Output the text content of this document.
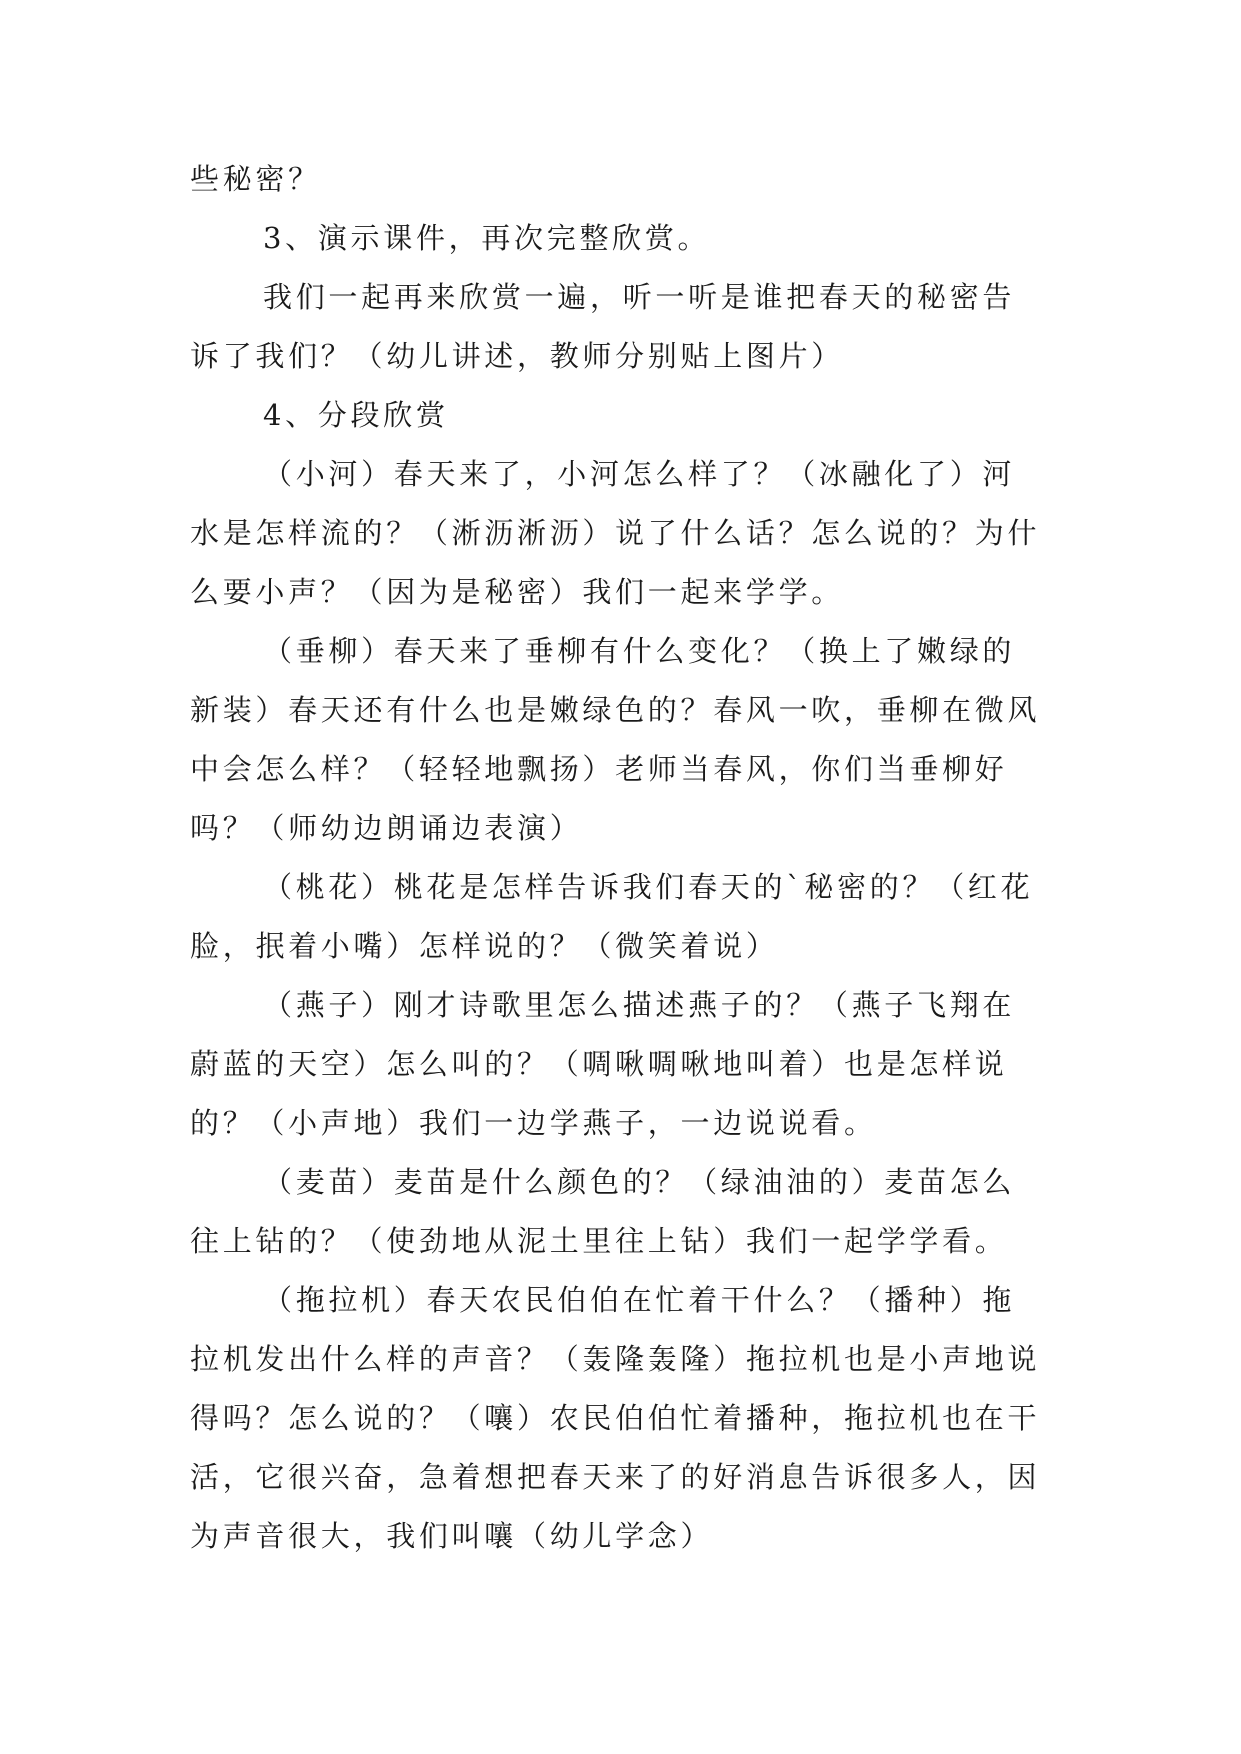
些秘密？

3、演示课件，再次完整欣赏。

我们一起再来欣赏一遍，听一听是谁把春天的秘密告诉了我们？（幼儿讲述，教师分别贴上图片）

4、分段欣赏

（小河）春天来了，小河怎么样了？（冰融化了）河水是怎样流的？（淅沥淅沥）说了什么话？怎么说的？为什么要小声？（因为是秘密）我们一起来学学。

（垂柳）春天来了垂柳有什么变化？（换上了嫩绿的新装）春天还有什么也是嫩绿色的？春风一吹，垂柳在微风中会怎么样？（轻轻地飘扬）老师当春风，你们当垂柳好吗？（师幼边朗诵边表演）

（桃花）桃花是怎样告诉我们春天的`秘密的？（红花脸，抿着小嘴）怎样说的？（微笑着说）

（燕子）刚才诗歌里怎么描述燕子的？（燕子飞翔在蔚蓝的天空）怎么叫的？（啁啾啁啾地叫着）也是怎样说的？（小声地）我们一边学燕子，一边说说看。

（麦苗）麦苗是什么颜色的？（绿油油的）麦苗怎么往上钻的？（使劲地从泥土里往上钻）我们一起学学看。

（拖拉机）春天农民伯伯在忙着干什么？（播种）拖拉机发出什么样的声音？（轰隆轰隆）拖拉机也是小声地说得吗？怎么说的？（嚷）农民伯伯忙着播种，拖拉机也在干活，它很兴奋，急着想把春天来了的好消息告诉很多人，因为声音很大，我们叫嚷（幼儿学念）
